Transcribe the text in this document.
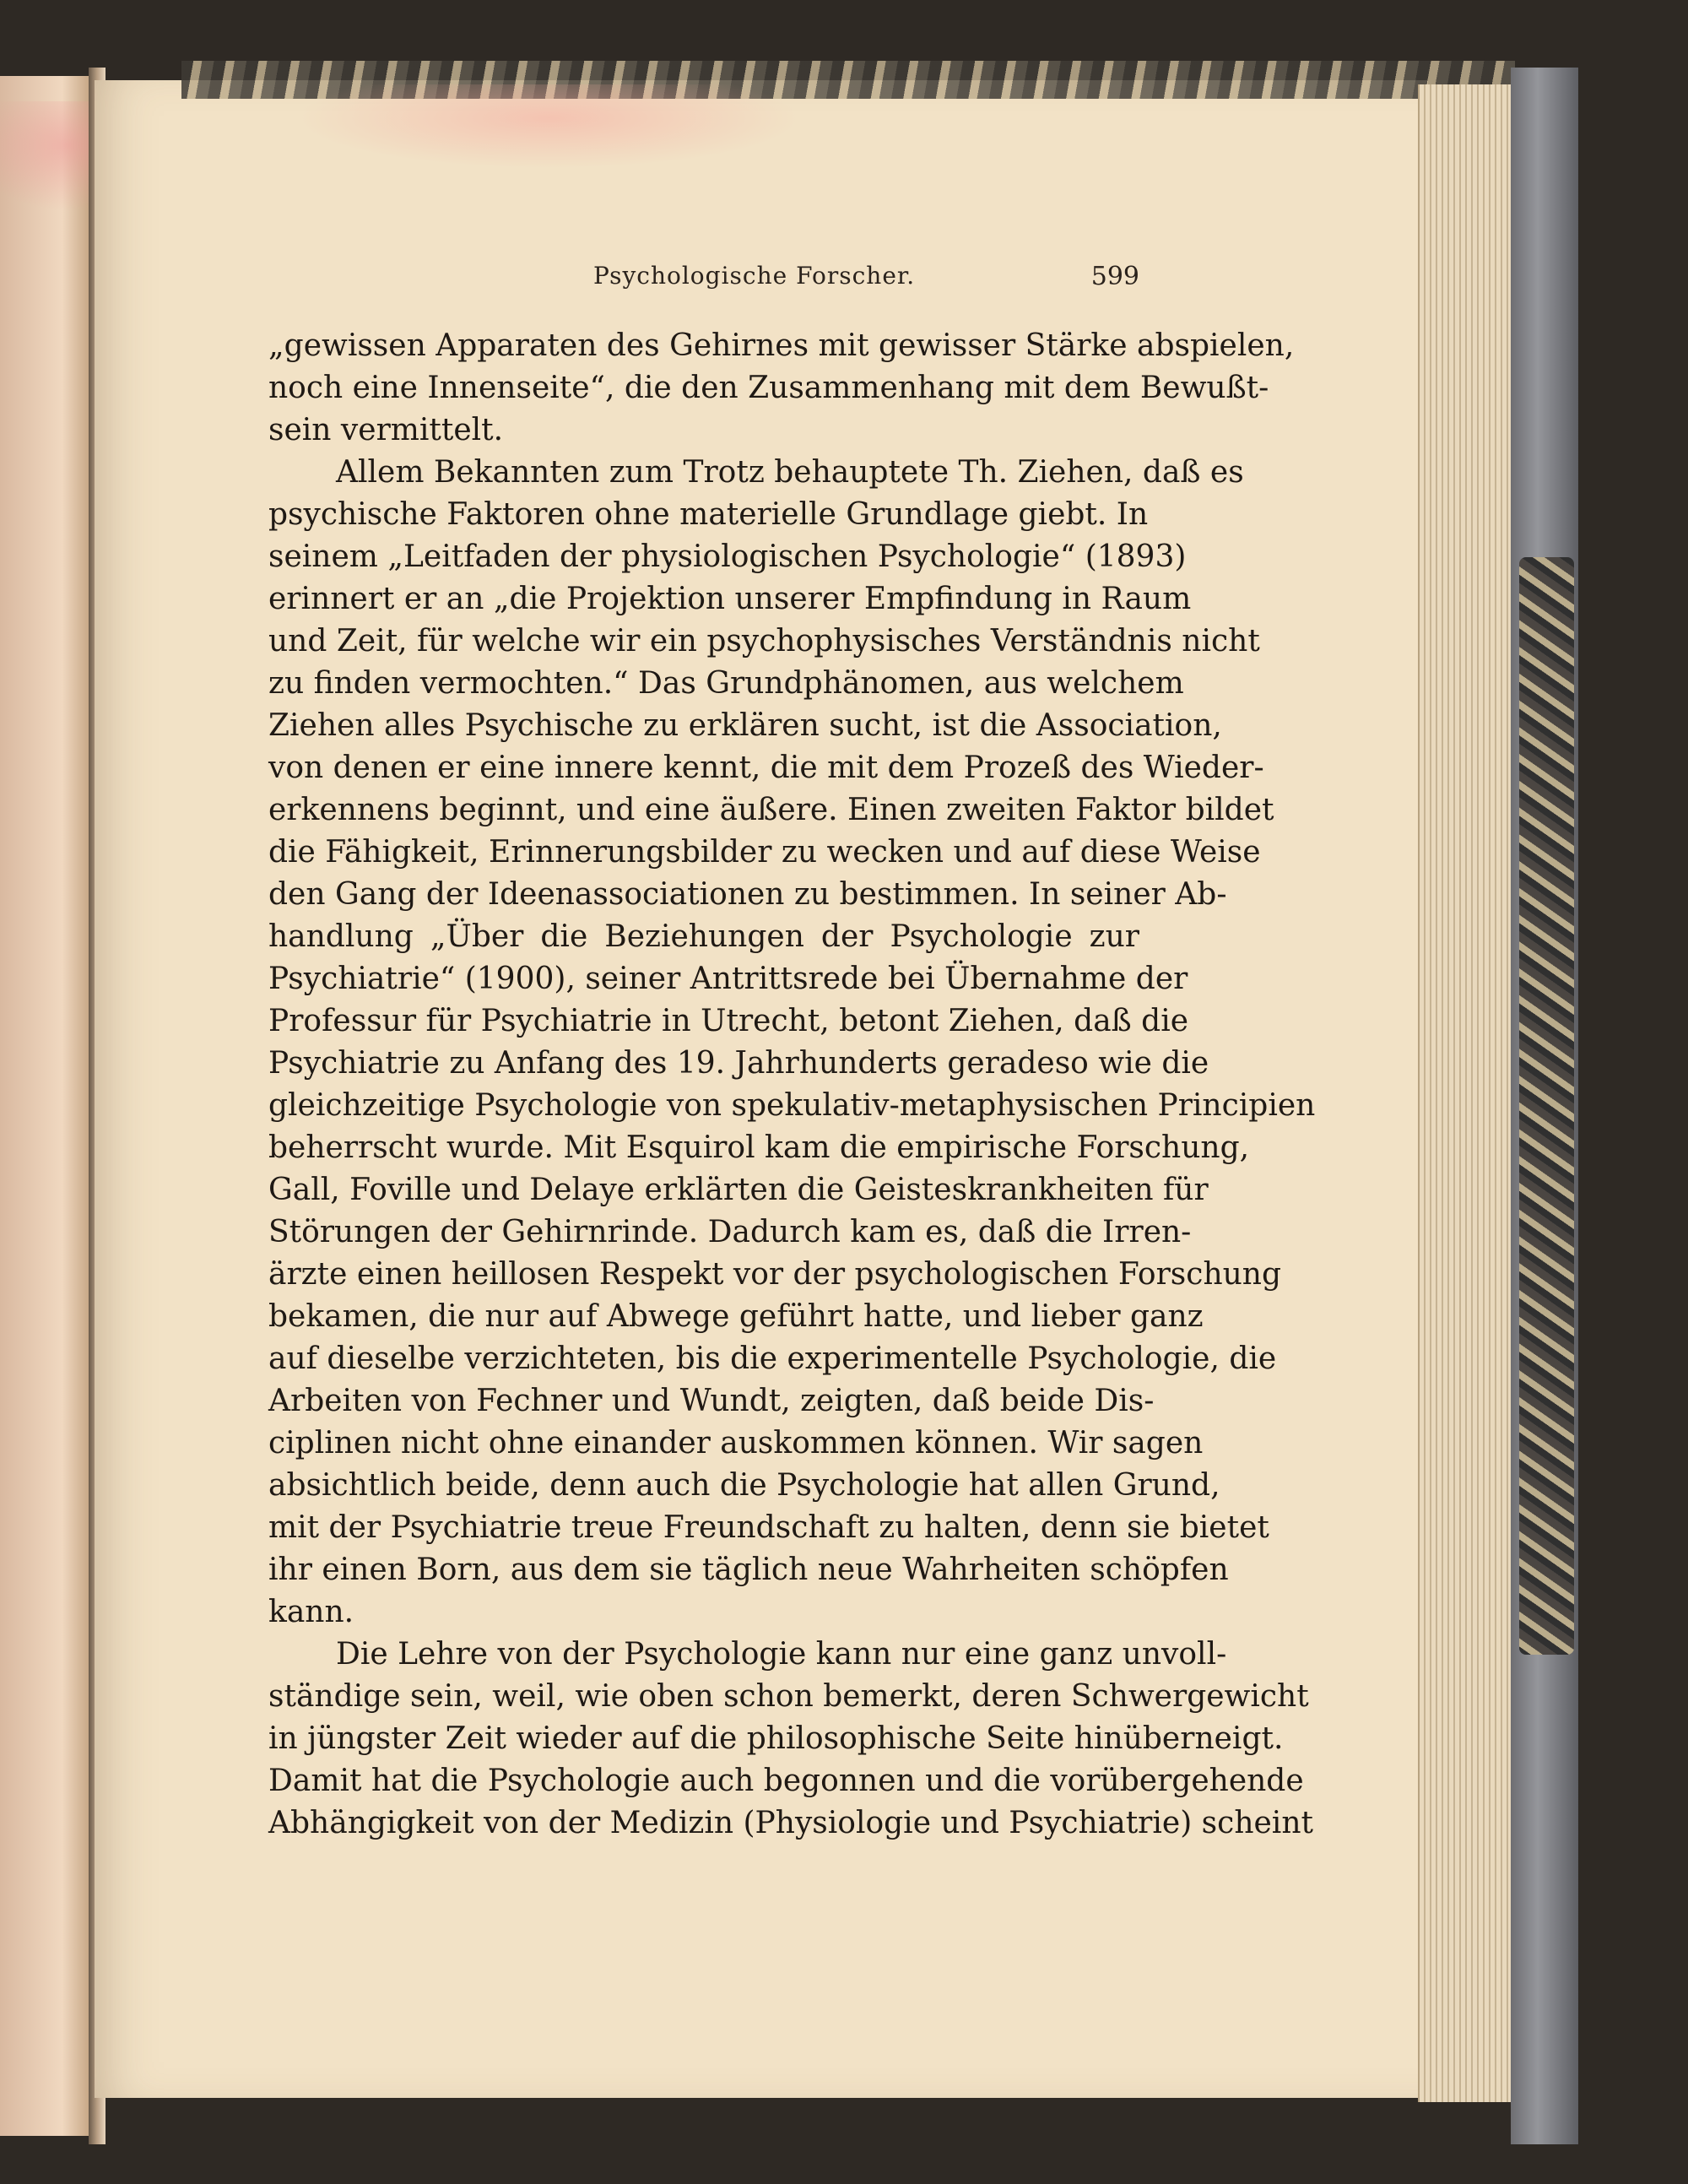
Psychologische Forscher.	599
„gewissen Apparaten des Gehirnes mit gewisser Stärke abspielen,
noch eine Innenseite“, die den Zusammenhang mit dem Bewußt-
sein vermittelt.
Allem Bekannten zum Trotz behauptete Th. Ziehen, daß es
psychische Faktoren ohne materielle Grundlage giebt. In
seinem „Leitfaden der physiologischen Psychologie“ (1893)
erinnert er an „die Projektion unserer Empfindung in Raum
und Zeit, für welche wir ein psychophysisches Verständnis nicht
zu finden vermochten.“ Das Grundphänomen, aus welchem
Ziehen alles Psychische zu erklären sucht, ist die Association,
von denen er eine innere kennt, die mit dem Prozeß des Wieder-
erkennens beginnt, und eine äußere. Einen zweiten Faktor bildet
die Fähigkeit, Erinnerungsbilder zu wecken und auf diese Weise
den Gang der Ideenassociationen zu bestimmen. In seiner Ab-
handlung „Über die Beziehungen der Psychologie zur
Psychiatrie“ (1900), seiner Antrittsrede bei Übernahme der
Professur für Psychiatrie in Utrecht, betont Ziehen, daß die
Psychiatrie zu Anfang des 19. Jahrhunderts geradeso wie die
gleichzeitige Psychologie von spekulativ-metaphysischen Principien
beherrscht wurde. Mit Esquirol kam die empirische Forschung,
Gall, Foville und Delaye erklärten die Geisteskrankheiten für
Störungen der Gehirnrinde. Dadurch kam es, daß die Irren-
ärzte einen heillosen Respekt vor der psychologischen Forschung
bekamen, die nur auf Abwege geführt hatte, und lieber ganz
auf dieselbe verzichteten, bis die experimentelle Psychologie, die
Arbeiten von Fechner und Wundt, zeigten, daß beide Dis-
ciplinen nicht ohne einander auskommen können. Wir sagen
absichtlich beide, denn auch die Psychologie hat allen Grund,
mit der Psychiatrie treue Freundschaft zu halten, denn sie bietet
ihr einen Born, aus dem sie täglich neue Wahrheiten schöpfen
kann.
Die Lehre von der Psychologie kann nur eine ganz unvoll-
ständige sein, weil, wie oben schon bemerkt, deren Schwergewicht
in jüngster Zeit wieder auf die philosophische Seite hinüberneigt.
Damit hat die Psychologie auch begonnen und die vorübergehende
Abhängigkeit von der Medizin (Physiologie und Psychiatrie) scheint
